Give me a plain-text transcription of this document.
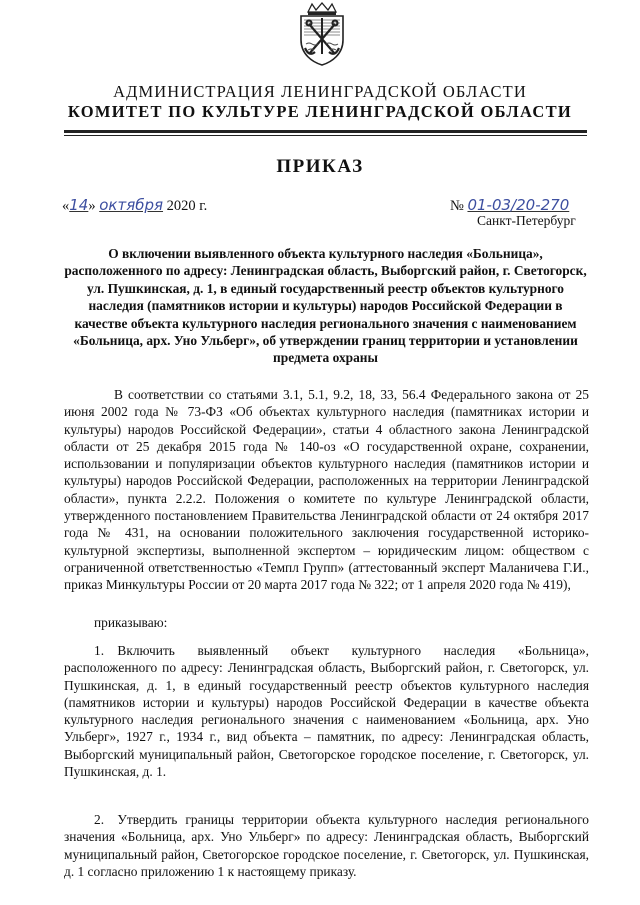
АДМИНИСТРАЦИЯ ЛЕНИНГРАДСКОЙ ОБЛАСТИ
КОМИТЕТ ПО КУЛЬТУРЕ ЛЕНИНГРАДСКОЙ ОБЛАСТИ
ПРИКАЗ
«14» октября 2020 г.	№ 01-03/20-270
Санкт-Петербург
О включении выявленного объекта культурного наследия «Больница», расположенного по адресу: Ленинградская область, Выборгский район, г. Светогорск, ул. Пушкинская, д. 1, в единый государственный реестр объектов культурного наследия (памятников истории и культуры) народов Российской Федерации в качестве объекта культурного наследия регионального значения с наименованием «Больница, арх. Уно Ульберг», об утверждении границ территории и установлении предмета охраны
В соответствии со статьями 3.1, 5.1, 9.2, 18, 33, 56.4 Федерального закона от 25 июня 2002 года № 73-ФЗ «Об объектах культурного наследия (памятниках истории и культуры) народов Российской Федерации», статьи 4 областного закона Ленинградской области от 25 декабря 2015 года № 140-оз «О государственной охране, сохранении, использовании и популяризации объектов культурного наследия (памятников истории и культуры) народов Российской Федерации, расположенных на территории Ленинградской области», пункта 2.2.2. Положения о комитете по культуре Ленинградской области, утвержденного постановлением Правительства Ленинградской области от 24 октября 2017 года № 431, на основании положительного заключения государственной историко-культурной экспертизы, выполненной экспертом – юридическим лицом: обществом с ограниченной ответственностью «Темпл Групп» (аттестованный эксперт Маланичева Г.И., приказ Минкультуры России от 20 марта 2017 года № 322; от 1 апреля 2020 года № 419),
приказываю:
1. Включить выявленный объект культурного наследия «Больница», расположенного по адресу: Ленинградская область, Выборгский район, г. Светогорск, ул. Пушкинская, д. 1, в единый государственный реестр объектов культурного наследия (памятников истории и культуры) народов Российской Федерации в качестве объекта культурного наследия регионального значения с наименованием «Больница, арх. Уно Ульберг», 1927 г., 1934 г., вид объекта – памятник, по адресу: Ленинградская область, Выборгский муниципальный район, Светогорское городское поселение, г. Светогорск, ул. Пушкинская, д. 1.
2. Утвердить границы территории объекта культурного наследия регионального значения «Больница, арх. Уно Ульберг» по адресу: Ленинградская область, Выборгский муниципальный район, Светогорское городское поселение, г. Светогорск, ул. Пушкинская, д. 1 согласно приложению 1 к настоящему приказу.
